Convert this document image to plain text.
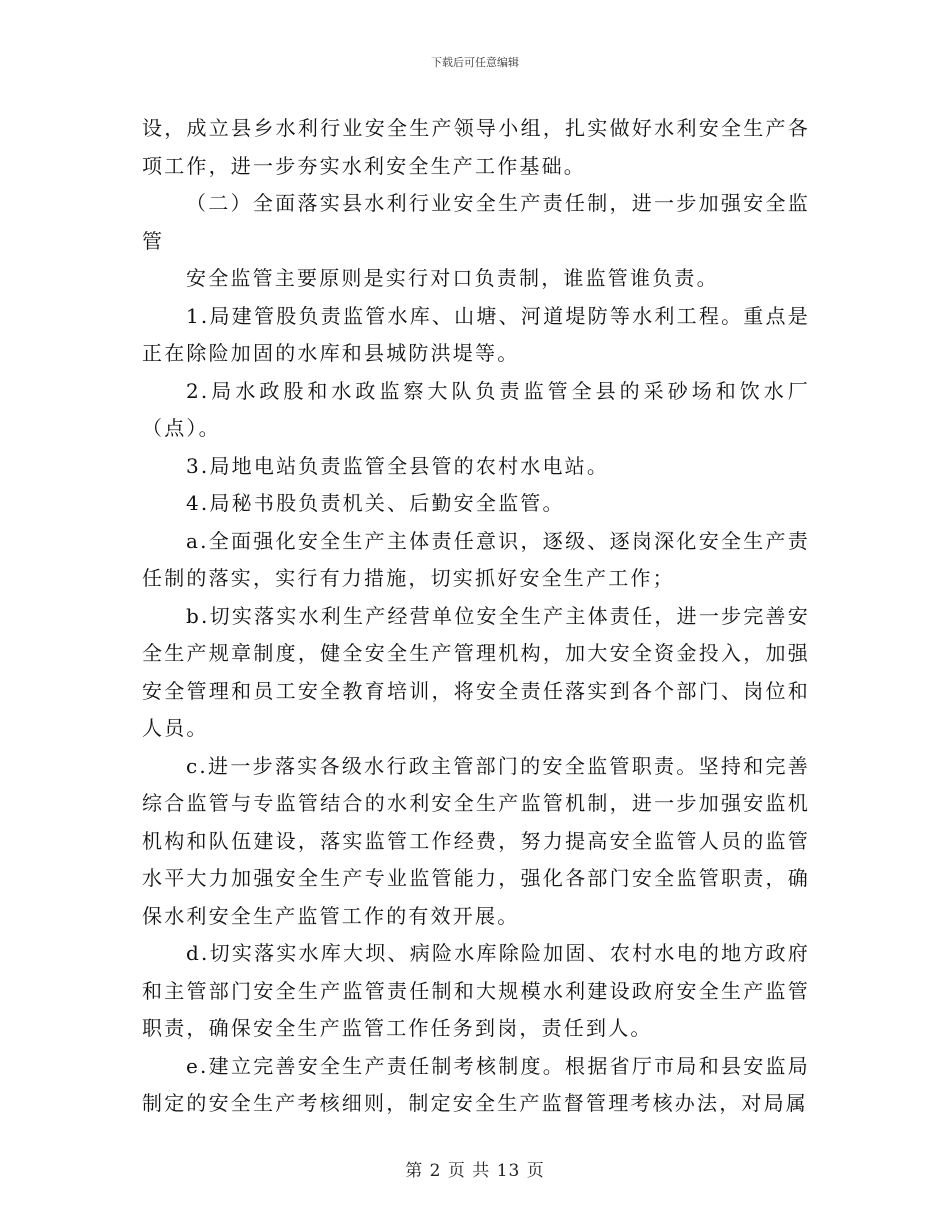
下载后可任意编辑

设，成立县乡水利行业安全生产领导小组，扎实做好水利安全生产各项工作，进一步夯实水利安全生产工作基础。

（二）全面落实县水利行业安全生产责任制，进一步加强安全监管

安全监管主要原则是实行对口负责制，谁监管谁负责。

1.局建管股负责监管水库、山塘、河道堤防等水利工程。重点是正在除险加固的水库和县城防洪堤等。

2.局水政股和水政监察大队负责监管全县的采砂场和饮水厂（点）。

3.局地电站负责监管全县管的农村水电站。

4.局秘书股负责机关、后勤安全监管。

a.全面强化安全生产主体责任意识，逐级、逐岗深化安全生产责任制的落实，实行有力措施，切实抓好安全生产工作；

b.切实落实水利生产经营单位安全生产主体责任，进一步完善安全生产规章制度，健全安全生产管理机构，加大安全资金投入，加强安全管理和员工安全教育培训，将安全责任落实到各个部门、岗位和人员。

c.进一步落实各级水行政主管部门的安全监管职责。坚持和完善综合监管与专监管结合的水利安全生产监管机制，进一步加强安监机机构和队伍建设，落实监管工作经费，努力提高安全监管人员的监管水平大力加强安全生产专业监管能力，强化各部门安全监管职责，确保水利安全生产监管工作的有效开展。

d.切实落实水库大坝、病险水库除险加固、农村水电的地方政府和主管部门安全生产监管责任制和大规模水利建设政府安全生产监管职责，确保安全生产监管工作任务到岗，责任到人。

e.建立完善安全生产责任制考核制度。根据省厅市局和县安监局制定的安全生产考核细则，制定安全生产监督管理考核办法，对局属

第 2 页 共 13 页
